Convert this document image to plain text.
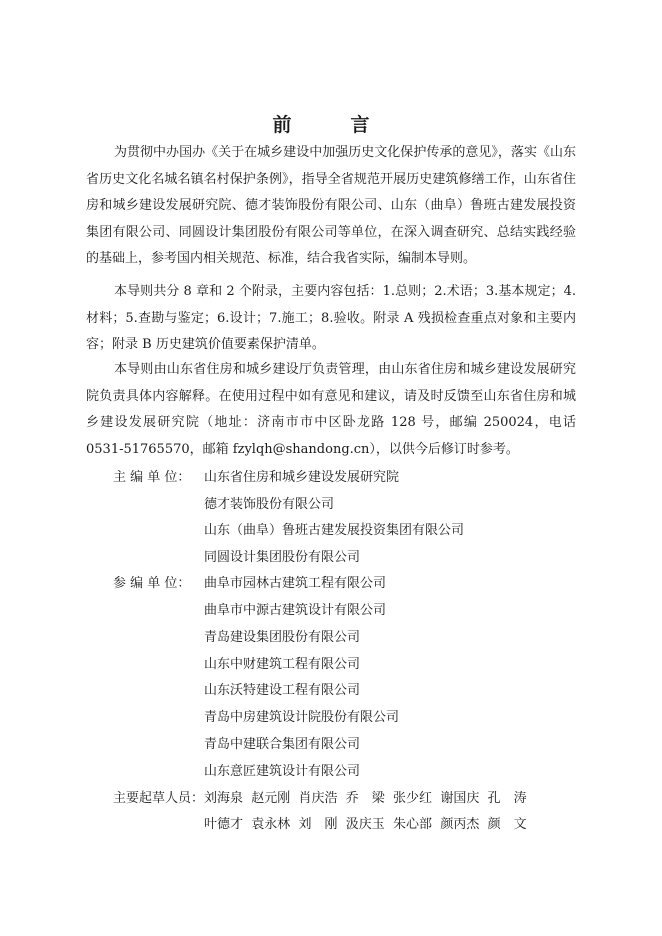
前　言

为贯彻中办国办《关于在城乡建设中加强历史文化保护传承的意见》，落实《山东省历史文化名城名镇名村保护条例》，指导全省规范开展历史建筑修缮工作，山东省住房和城乡建设发展研究院、德才装饰股份有限公司、山东（曲阜）鲁班古建发展投资集团有限公司、同圆设计集团股份有限公司等单位，在深入调查研究、总结实践经验的基础上，参考国内相关规范、标准，结合我省实际，编制本导则。

本导则共分 8 章和 2 个附录，主要内容包括：1.总则；2.术语；3.基本规定；4.材料；5.查勘与鉴定；6.设计；7.施工；8.验收。附录 A 残损检查重点对象和主要内容；附录 B 历史建筑价值要素保护清单。

本导则由山东省住房和城乡建设厅负责管理，由山东省住房和城乡建设发展研究院负责具体内容解释。在使用过程中如有意见和建议，请及时反馈至山东省住房和城乡建设发展研究院（地址：济南市市中区卧龙路 128 号，邮编 250024，电话 0531-51765570，邮箱 fzylqh@shandong.cn），以供今后修订时参考。

主 编 单 位： 山东省住房和城乡建设发展研究院
德才装饰股份有限公司
山东（曲阜）鲁班古建发展投资集团有限公司
同圆设计集团股份有限公司
参 编 单 位： 曲阜市园林古建筑工程有限公司
曲阜市中源古建筑设计有限公司
青岛建设集团股份有限公司
山东中财建筑工程有限公司
山东沃特建设工程有限公司
青岛中房建筑设计院股份有限公司
青岛中建联合集团有限公司
山东意匠建筑设计有限公司
主要起草人员： 刘海泉  赵元刚  肖庆浩  乔　梁  张少红  谢国庆  孔　涛
叶德才  袁永林  刘　刚  汲庆玉  朱心部  颜丙杰  颜　文
